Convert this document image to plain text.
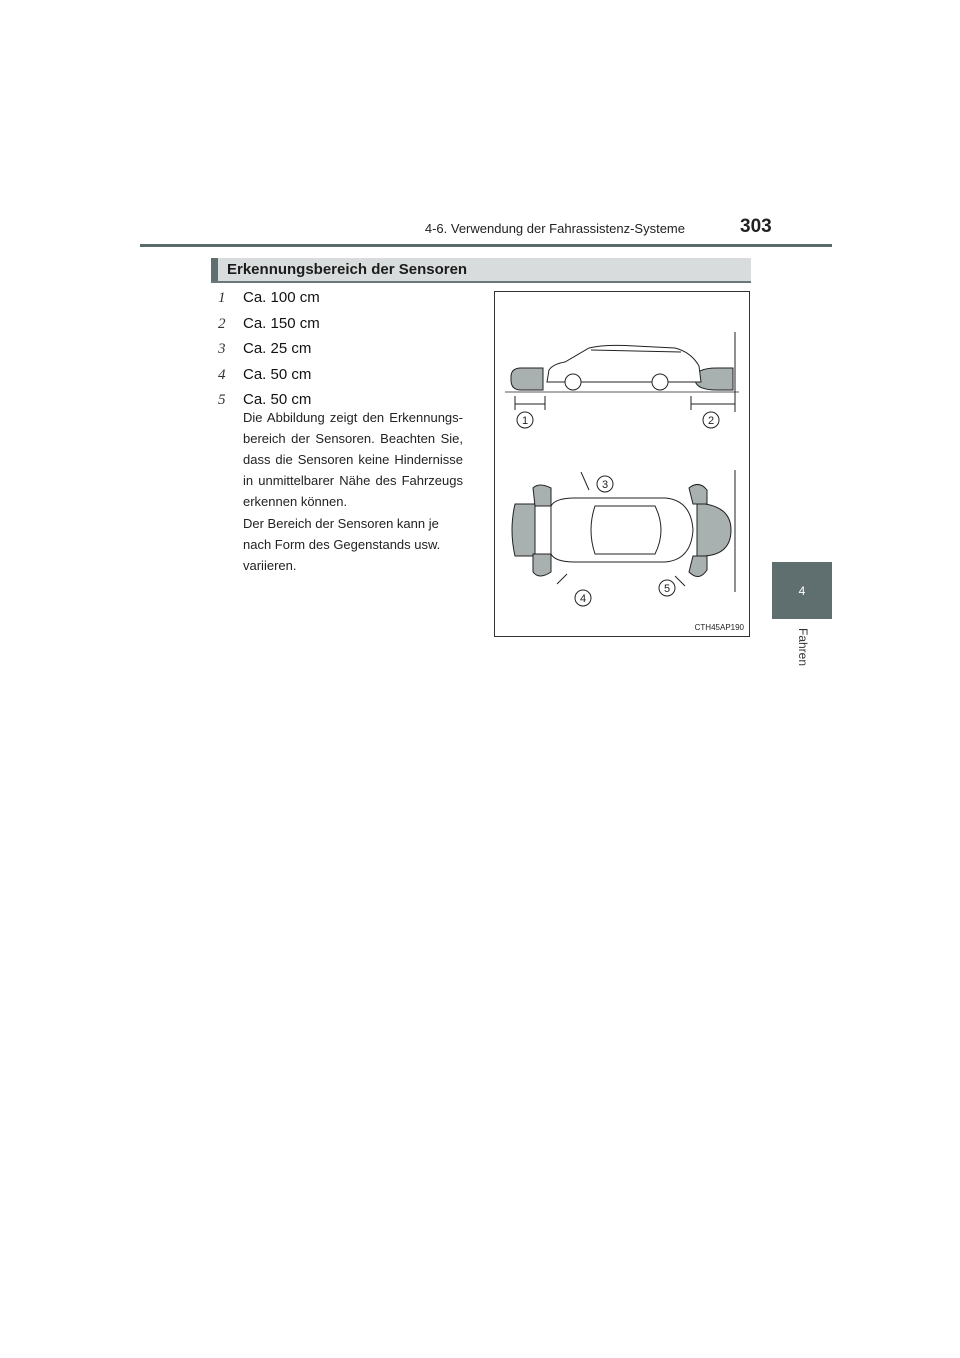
4-6. Verwendung der Fahrassistenz-Systeme	303
4
Fahren
Erkennungsbereich der Sensoren
1	Ca. 100 cm
2	Ca. 150 cm
3	Ca. 25 cm
4	Ca. 50 cm
5	Ca. 50 cm

Die Abbildung zeigt den Erkennungs-bereich der Sensoren. Beachten Sie, dass die Sensoren keine Hindernisse in unmittelbarer Nähe des Fahrzeugs erkennen können.

Der Bereich der Sensoren kann je nach Form des Gegenstands usw. variieren.

1	2
3
4
5
CTH45AP190
